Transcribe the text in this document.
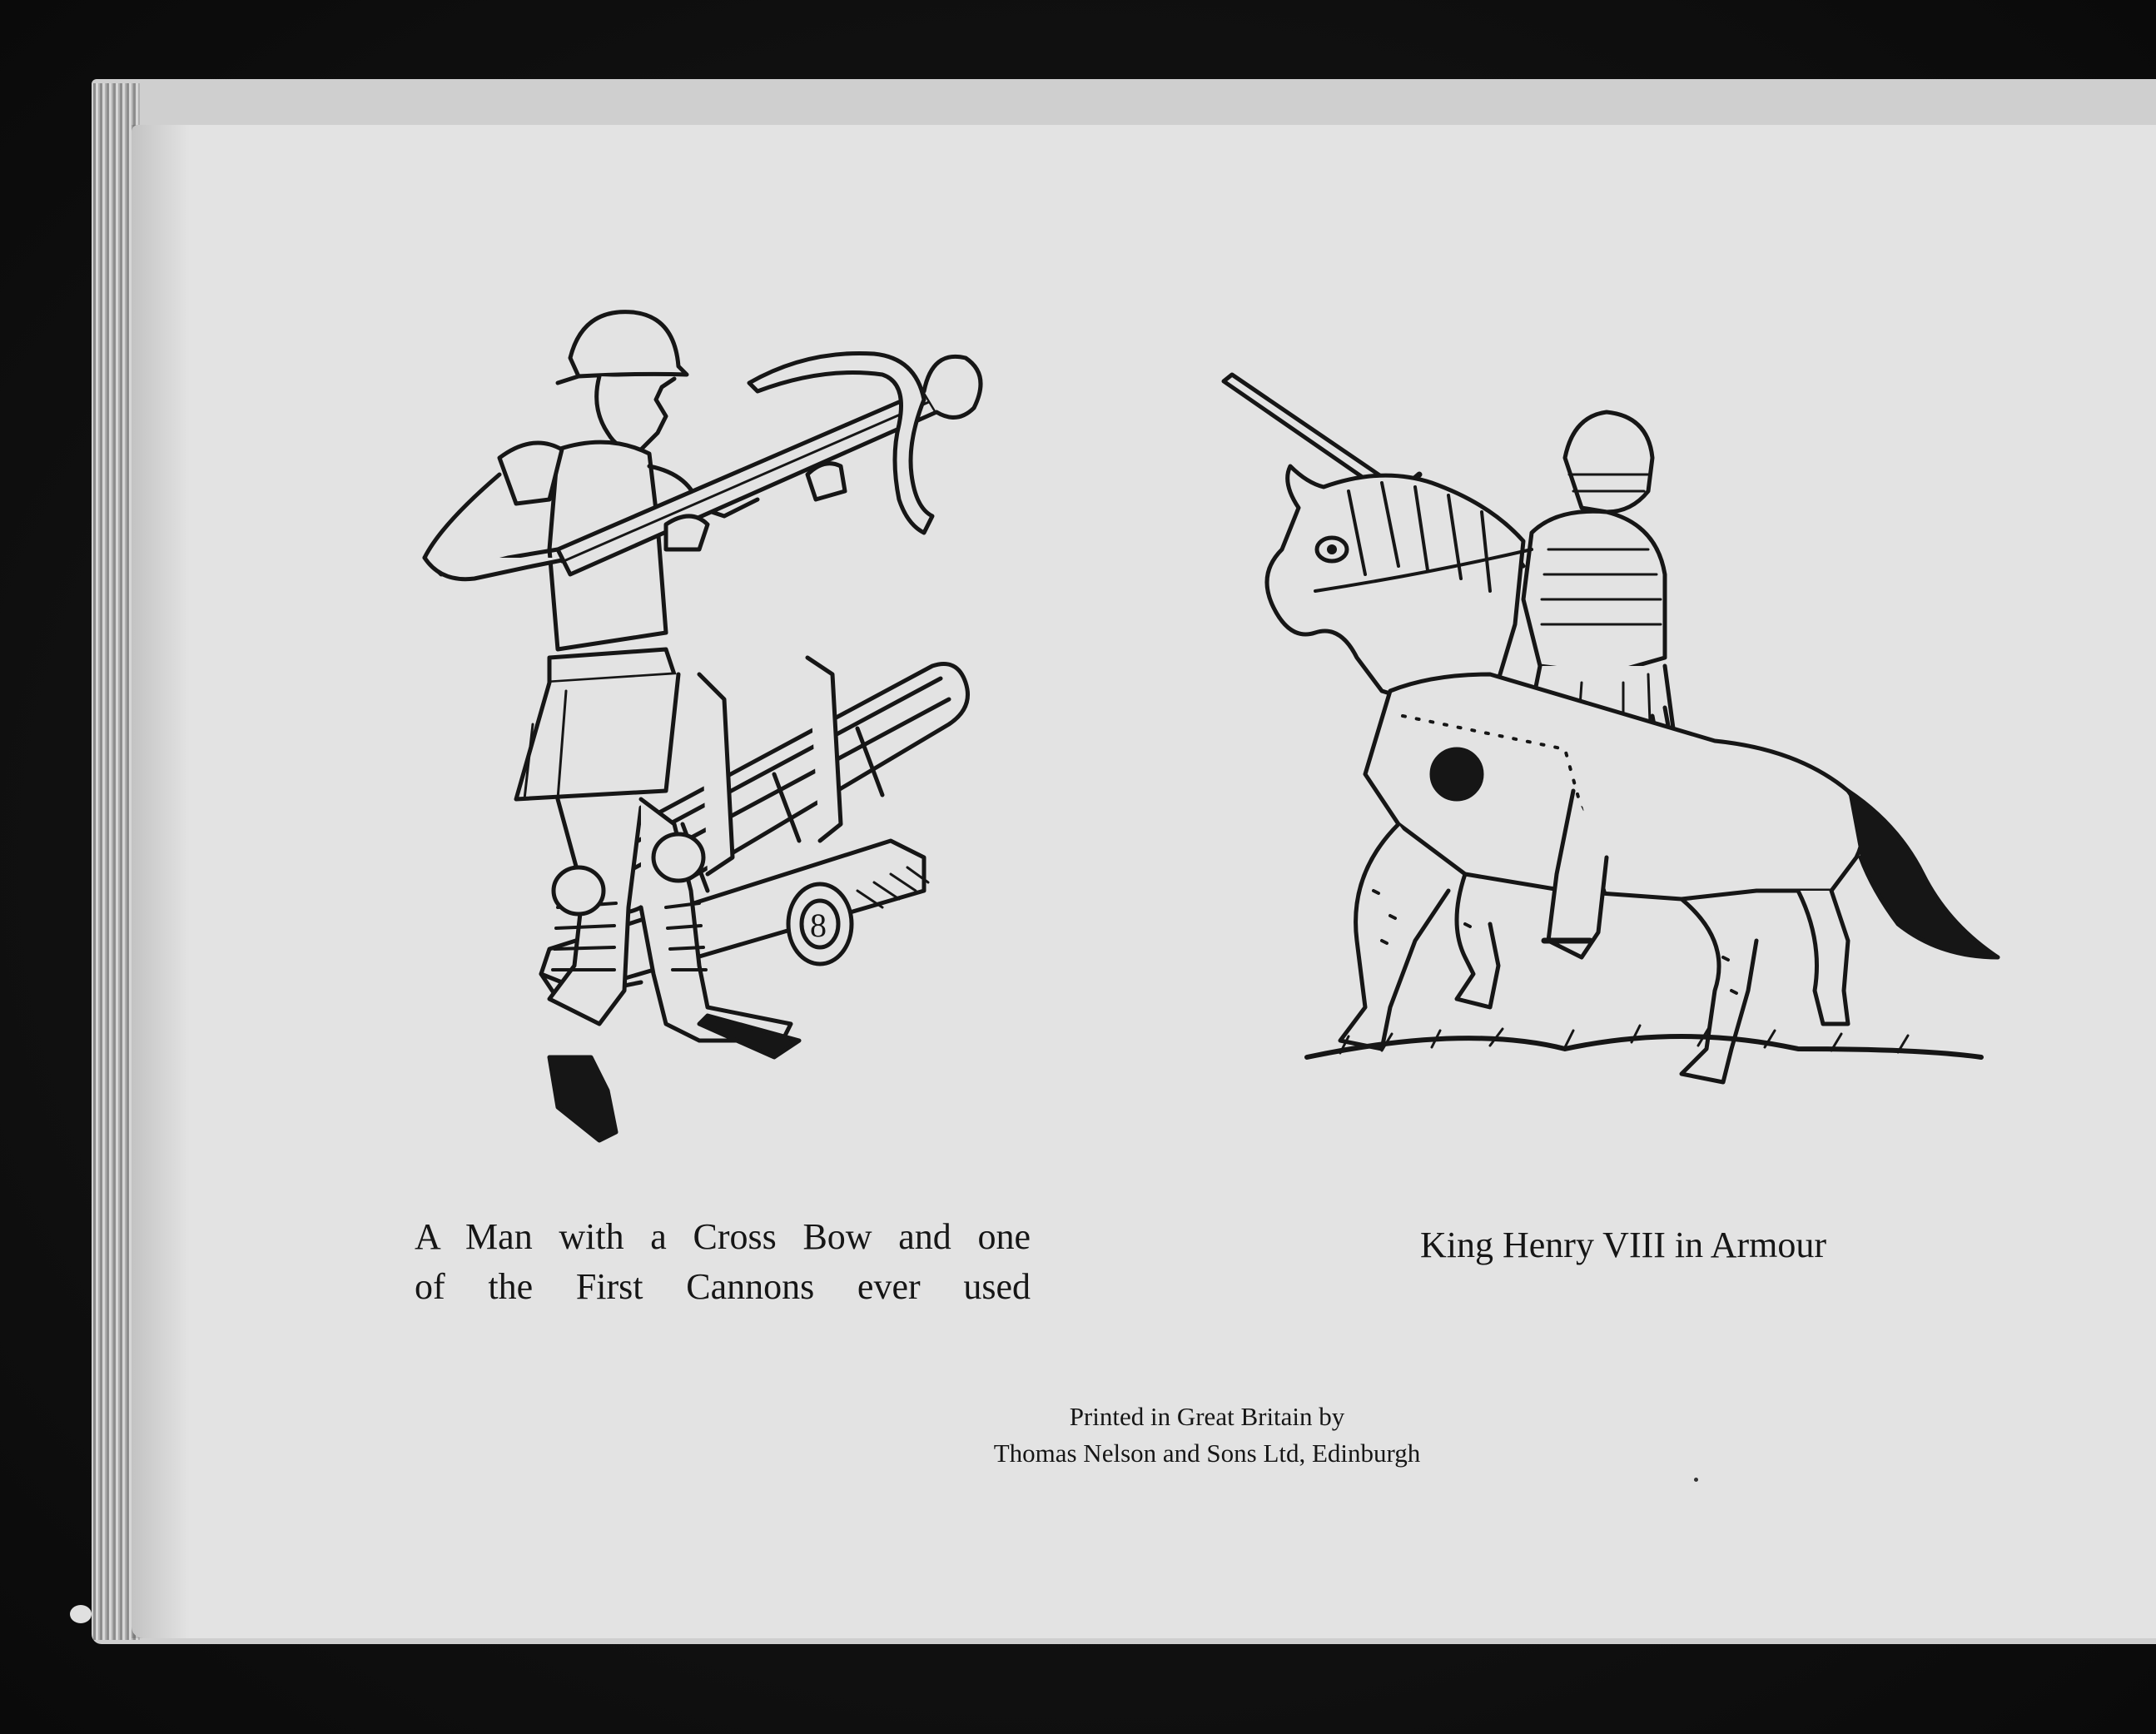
8
A Man with a Cross Bow and one
of the First Cannons ever used
King Henry VIII in Armour
Printed in Great Britain by
Thomas Nelson and Sons Ltd, Edinburgh
